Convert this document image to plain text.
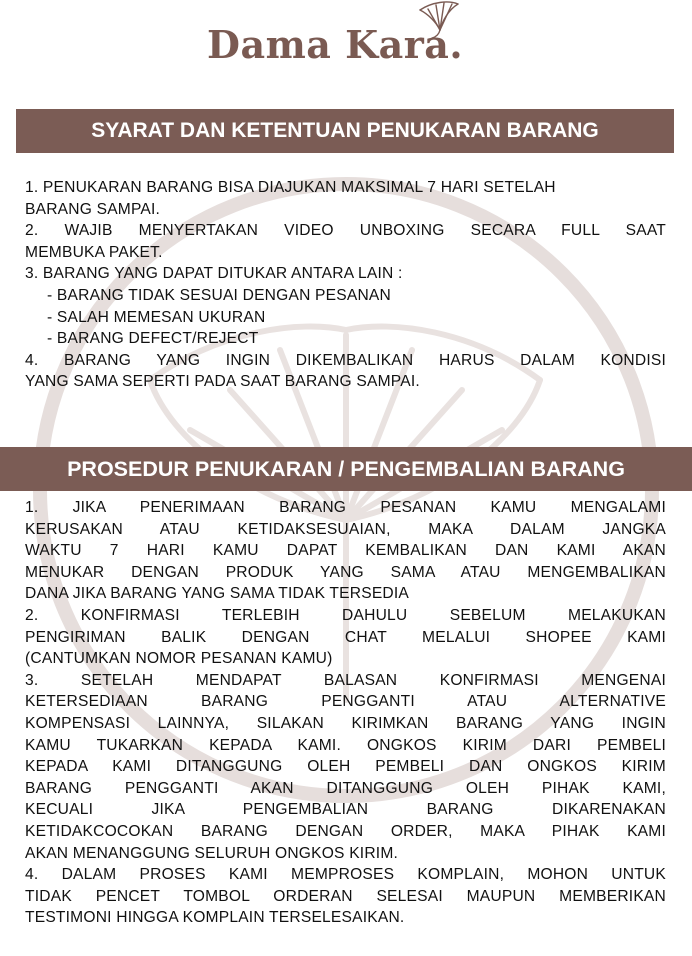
Dama Kara.
SYARAT DAN KETENTUAN PENUKARAN BARANG
1. PENUKARAN BARANG BISA DIAJUKAN MAKSIMAL 7 HARI SETELAH
BARANG SAMPAI.
2. WAJIB MENYERTAKAN VIDEO UNBOXING SECARA FULL SAAT
MEMBUKA PAKET.
3. BARANG YANG DAPAT DITUKAR ANTARA LAIN :
- BARANG TIDAK SESUAI DENGAN PESANAN
- SALAH MEMESAN UKURAN
- BARANG DEFECT/REJECT
4. BARANG YANG INGIN DIKEMBALIKAN HARUS DALAM KONDISI
YANG SAMA SEPERTI PADA SAAT BARANG SAMPAI.
PROSEDUR PENUKARAN / PENGEMBALIAN BARANG
1. JIKA PENERIMAAN BARANG PESANAN KAMU MENGALAMI
KERUSAKAN ATAU KETIDAKSESUAIAN, MAKA DALAM JANGKA
WAKTU 7 HARI KAMU DAPAT KEMBALIKAN DAN KAMI AKAN
MENUKAR DENGAN PRODUK YANG SAMA ATAU MENGEMBALIKAN
DANA JIKA BARANG YANG SAMA TIDAK TERSEDIA
2. KONFIRMASI TERLEBIH DAHULU SEBELUM MELAKUKAN
PENGIRIMAN BALIK DENGAN CHAT MELALUI SHOPEE KAMI
(CANTUMKAN NOMOR PESANAN KAMU)
3. SETELAH MENDAPAT BALASAN KONFIRMASI MENGENAI
KETERSEDIAAN BARANG PENGGANTI ATAU ALTERNATIVE
KOMPENSASI LAINNYA, SILAKAN KIRIMKAN BARANG YANG INGIN
KAMU TUKARKAN KEPADA KAMI. ONGKOS KIRIM DARI PEMBELI
KEPADA KAMI DITANGGUNG OLEH PEMBELI DAN ONGKOS KIRIM
BARANG PENGGANTI AKAN DITANGGUNG OLEH PIHAK KAMI,
KECUALI JIKA PENGEMBALIAN BARANG DIKARENAKAN
KETIDAKCOCOKAN BARANG DENGAN ORDER, MAKA PIHAK KAMI
AKAN MENANGGUNG SELURUH ONGKOS KIRIM.
4. DALAM PROSES KAMI MEMPROSES KOMPLAIN, MOHON UNTUK
TIDAK PENCET TOMBOL ORDERAN SELESAI MAUPUN MEMBERIKAN
TESTIMONI HINGGA KOMPLAIN TERSELESAIKAN.
